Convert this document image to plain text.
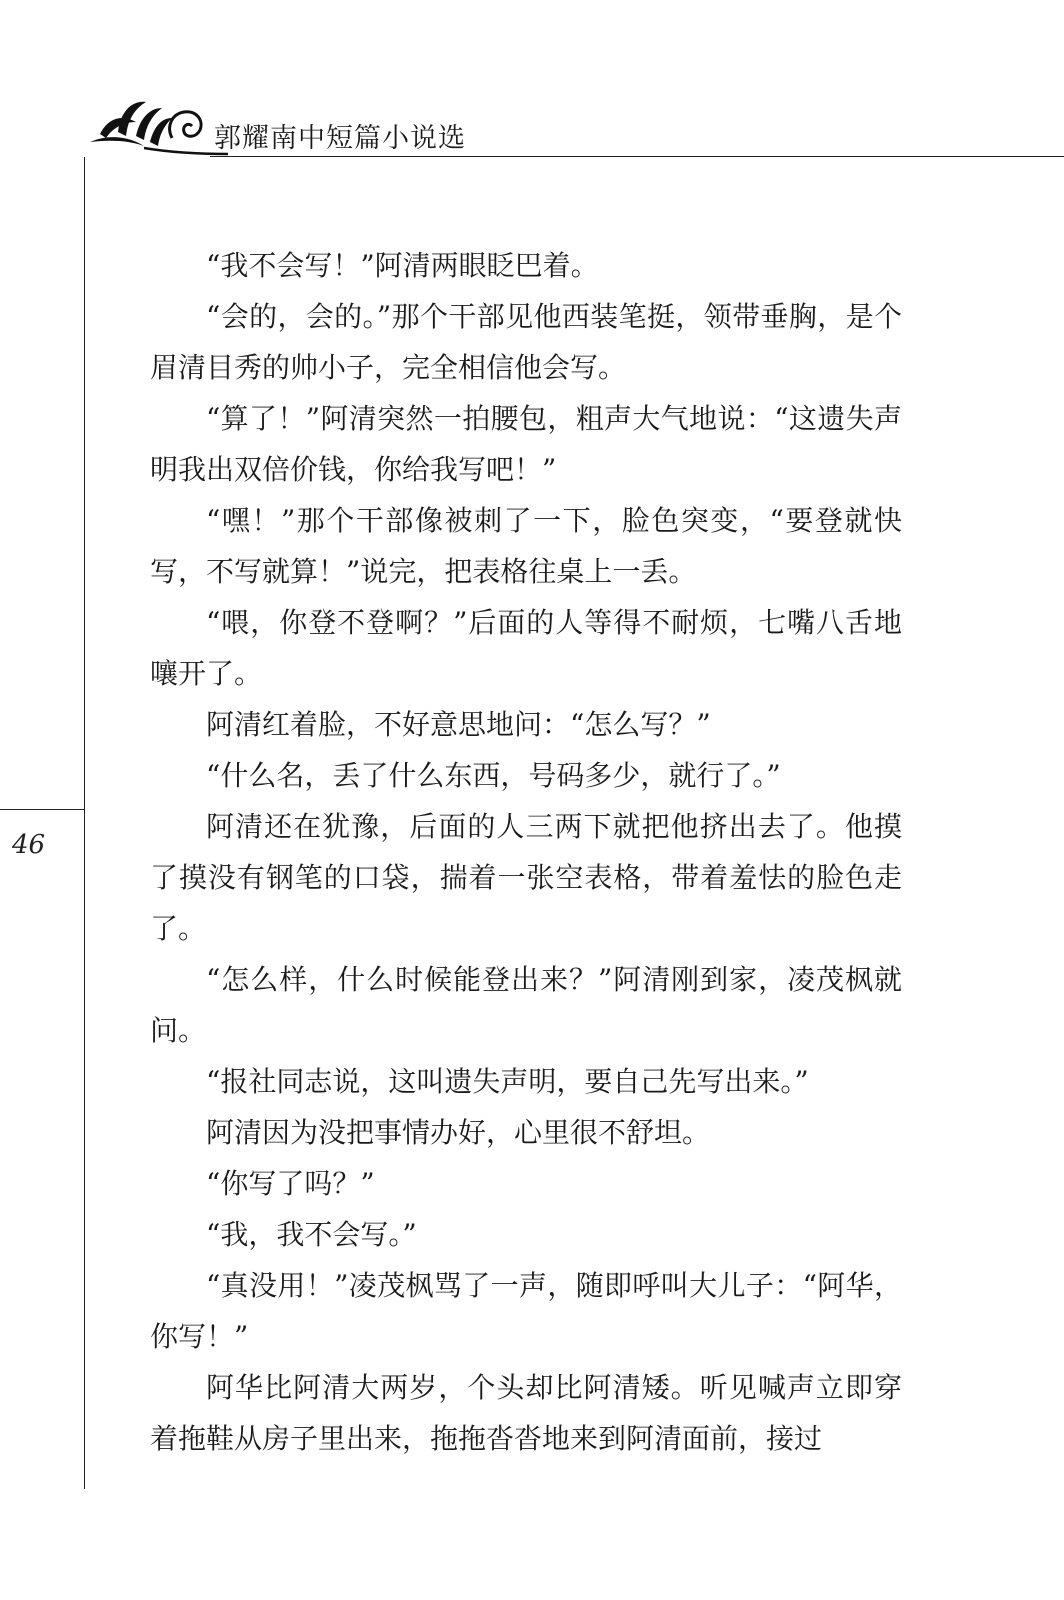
郭耀南中短篇小说选
46

“我不会写！”阿清两眼眨巴着。

“会的，会的。”那个干部见他西装笔挺，领带垂胸，是个眉清目秀的帅小子，完全相信他会写。

“算了！”阿清突然一拍腰包，粗声大气地说：“这遗失声明我出双倍价钱，你给我写吧！”

“嘿！”那个干部像被刺了一下，脸色突变，“要登就快写，不写就算！”说完，把表格往桌上一丢。

“喂，你登不登啊？”后面的人等得不耐烦，七嘴八舌地嚷开了。

阿清红着脸，不好意思地问：“怎么写？”

“什么名，丢了什么东西，号码多少，就行了。”

阿清还在犹豫，后面的人三两下就把他挤出去了。他摸了摸没有钢笔的口袋，揣着一张空表格，带着羞怯的脸色走了。

“怎么样，什么时候能登出来？”阿清刚到家，凌茂枫就问。

“报社同志说，这叫遗失声明，要自己先写出来。”

阿清因为没把事情办好，心里很不舒坦。

“你写了吗？”

“我，我不会写。”

“真没用！”凌茂枫骂了一声，随即呼叫大儿子：“阿华，你写！”

阿华比阿清大两岁，个头却比阿清矮。听见喊声立即穿着拖鞋从房子里出来，拖拖沓沓地来到阿清面前，接过
